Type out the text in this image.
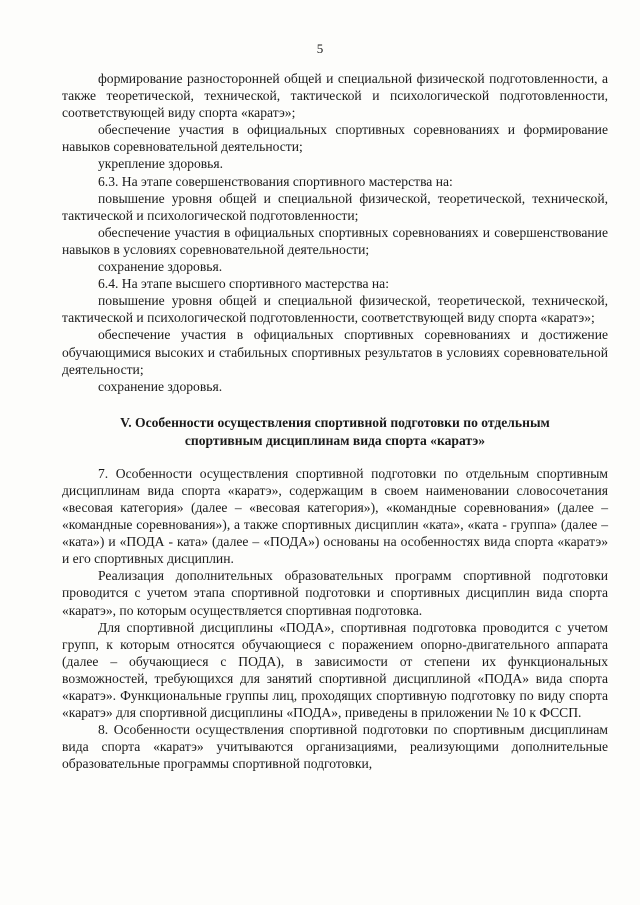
5

формирование разносторонней общей и специальной физической подготовленности, а также теоретической, технической, тактической и психологической подготовленности, соответствующей виду спорта «каратэ»;

обеспечение участия в официальных спортивных соревнованиях и формирование навыков соревновательной деятельности;

укрепление здоровья.

6.3. На этапе совершенствования спортивного мастерства на:

повышение уровня общей и специальной физической, теоретической, технической, тактической и психологической подготовленности;

обеспечение участия в официальных спортивных соревнованиях и совершенствование навыков в условиях соревновательной деятельности;

сохранение здоровья.

6.4. На этапе высшего спортивного мастерства на:

повышение уровня общей и специальной физической, теоретической, технической, тактической и психологической подготовленности, соответствующей виду спорта «каратэ»;

обеспечение участия в официальных спортивных соревнованиях и достижение обучающимися высоких и стабильных спортивных результатов в условиях соревновательной деятельности;

сохранение здоровья.

V. Особенности осуществления спортивной подготовки по отдельным
спортивным дисциплинам вида спорта «каратэ»

7. Особенности осуществления спортивной подготовки по отдельным спортивным дисциплинам вида спорта «каратэ», содержащим в своем наименовании словосочетания «весовая категория» (далее – «весовая категория»), «командные соревнования» (далее – «командные соревнования»), а также спортивных дисциплин «ката», «ката - группа» (далее – «ката») и «ПОДА - ката» (далее – «ПОДА») основаны на особенностях вида спорта «каратэ» и его спортивных дисциплин.

Реализация дополнительных образовательных программ спортивной подготовки проводится с учетом этапа спортивной подготовки и спортивных дисциплин вида спорта «каратэ», по которым осуществляется спортивная подготовка.

Для спортивной дисциплины «ПОДА», спортивная подготовка проводится с учетом групп, к которым относятся обучающиеся с поражением опорно-двигательного аппарата (далее – обучающиеся с ПОДА), в зависимости от степени их функциональных возможностей, требующихся для занятий спортивной дисциплиной «ПОДА» вида спорта «каратэ». Функциональные группы лиц, проходящих спортивную подготовку по виду спорта «каратэ» для спортивной дисциплины «ПОДА», приведены в приложении № 10 к ФССП.

8. Особенности осуществления спортивной подготовки по спортивным дисциплинам вида спорта «каратэ» учитываются организациями, реализующими дополнительные образовательные программы спортивной подготовки,
